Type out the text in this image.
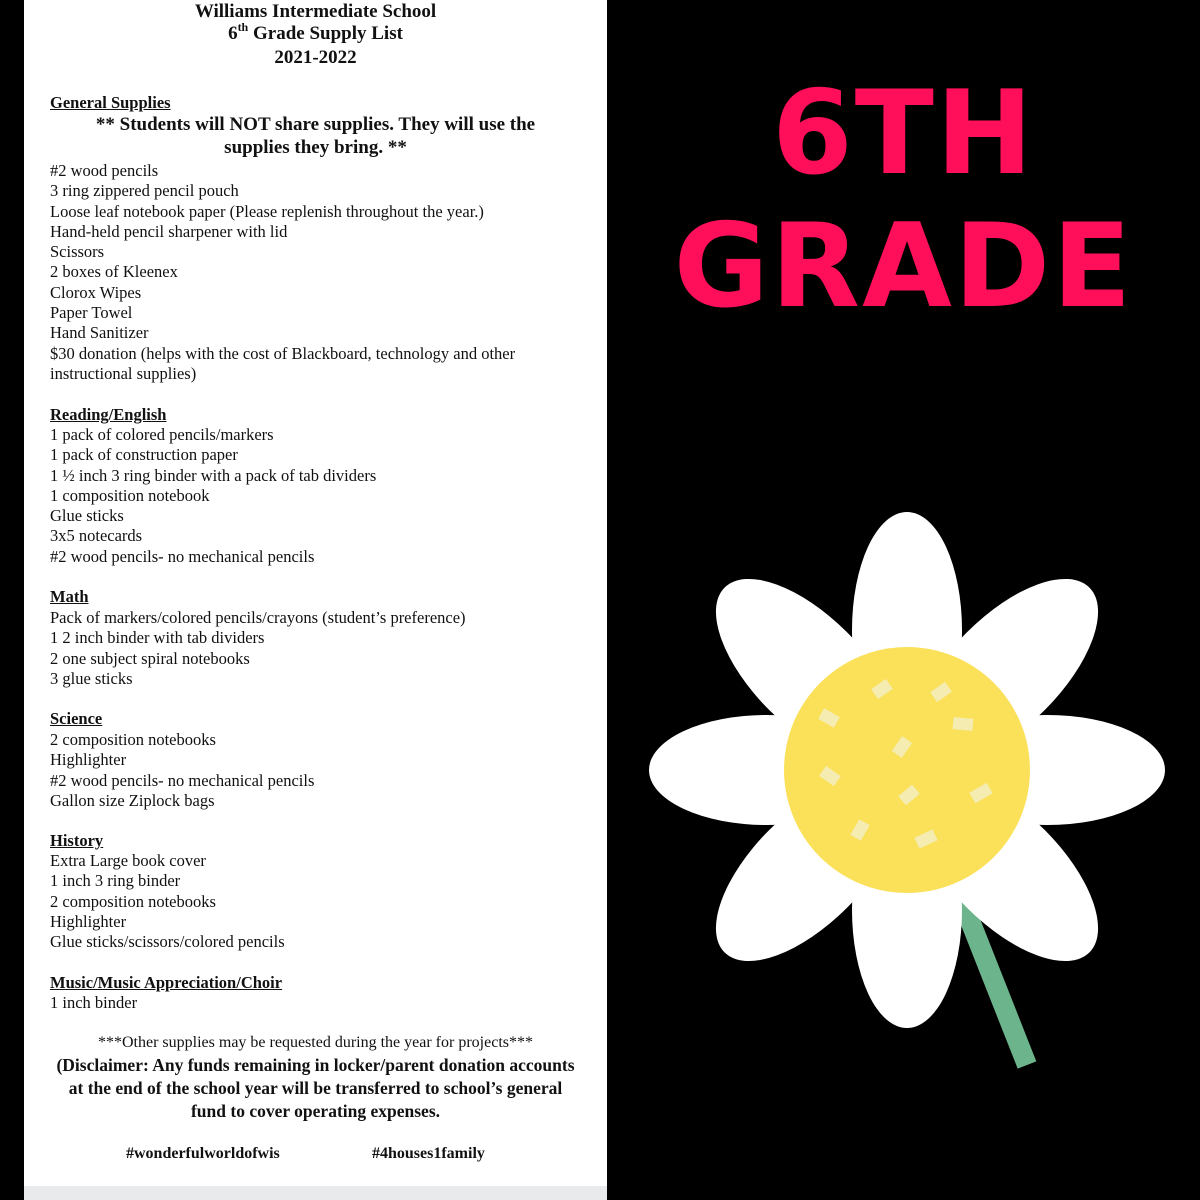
Williams Intermediate School

6th Grade Supply List

2021-2022

General Supplies

** Students will NOT share supplies. They will use the supplies they bring. **

#2 wood pencils
3 ring zippered pencil pouch
Loose leaf notebook paper (Please replenish throughout the year.)
Hand-held pencil sharpener with lid
Scissors
2 boxes of Kleenex
Clorox Wipes
Paper Towel
Hand Sanitizer
$30 donation (helps with the cost of Blackboard, technology and other
instructional supplies)

Reading/English

1 pack of colored pencils/markers
1 pack of construction paper
1 ½ inch 3 ring binder with a pack of tab dividers
1 composition notebook
Glue sticks
3x5 notecards
#2 wood pencils- no mechanical pencils

Math

Pack of markers/colored pencils/crayons (student’s preference)
1 2 inch binder with tab dividers
2 one subject spiral notebooks
3 glue sticks

Science

2 composition notebooks
Highlighter
#2 wood pencils- no mechanical pencils
Gallon size Ziplock bags

History

Extra Large book cover
1 inch 3 ring binder
2 composition notebooks
Highlighter
Glue sticks/scissors/colored pencils

Music/Music Appreciation/Choir

1 inch binder

***Other supplies may be requested during the year for projects***

(Disclaimer: Any funds remaining in locker/parent donation accounts at the end of the school year will be transferred to school’s general fund to cover operating expenses.

#wonderfulworldofwis	#4houses1family

6TH

GRADE
